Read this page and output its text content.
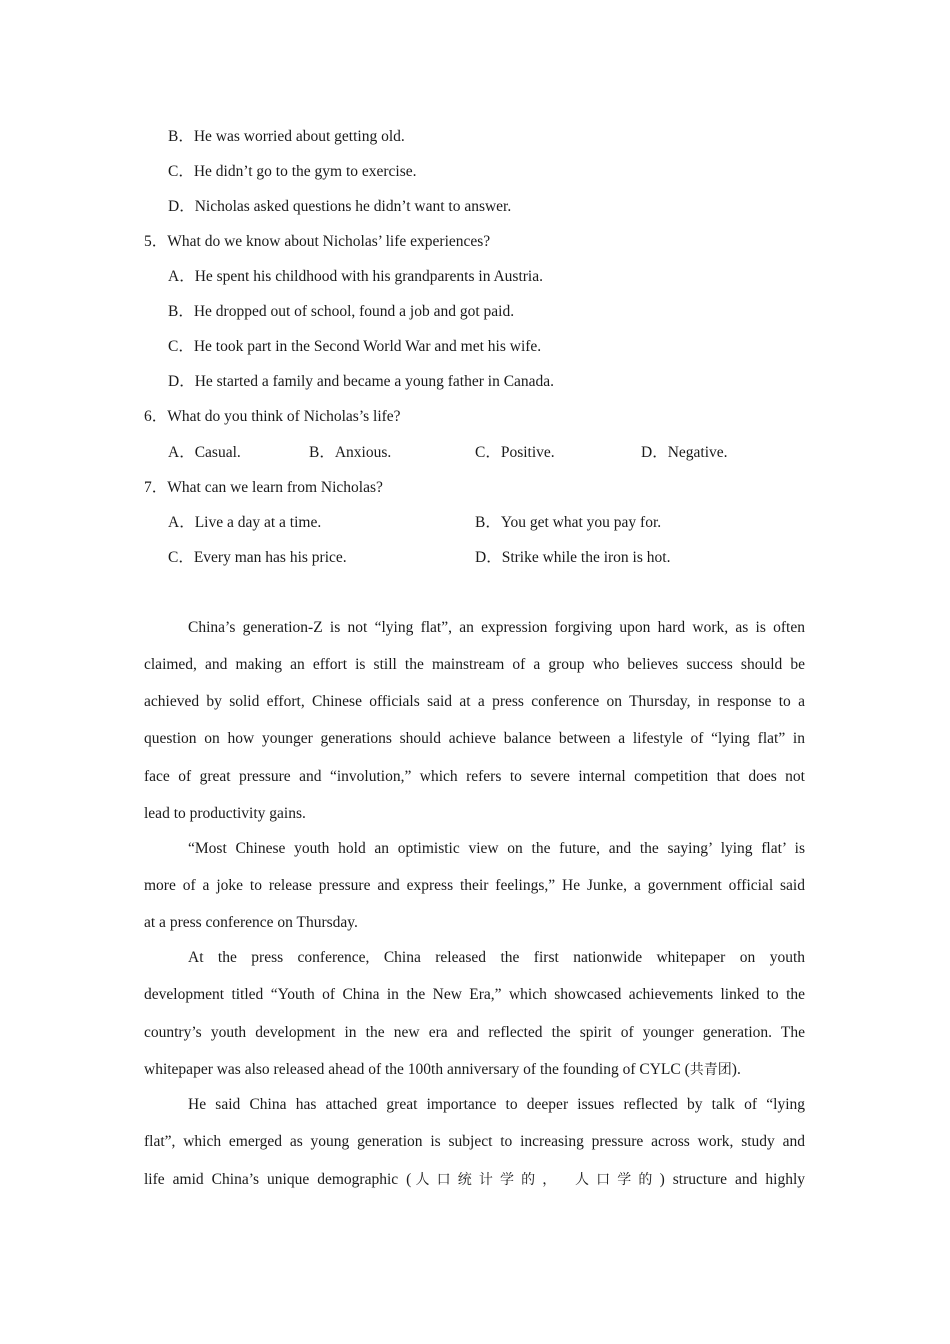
B．He was worried about getting old.
C．He didn’t go to the gym to exercise.
D．Nicholas asked questions he didn’t want to answer.
5．What do we know about Nicholas’ life experiences?
A．He spent his childhood with his grandparents in Austria.
B．He dropped out of school, found a job and got paid.
C．He took part in the Second World War and met his wife.
D．He started a family and became a young father in Canada.
6．What do you think of Nicholas’s life?
A．Casual.	B．Anxious.	C．Positive.	D．Negative.
7．What can we learn from Nicholas?
A．Live a day at a time.	B．You get what you pay for.
C．Every man has his price.	D．Strike while the iron is hot.
China’s generation-Z is not “lying flat”, an expression forgiving upon hard work, as is often
claimed, and making an effort is still the mainstream of a group who believes success should be
achieved by solid effort, Chinese officials said at a press conference on Thursday, in response to a
question on how younger generations should achieve balance between a lifestyle of “lying flat” in
face of great pressure and “involution,” which refers to severe internal competition that does not
lead to productivity gains.
“Most Chinese youth hold an optimistic view on the future, and the saying’ lying flat’ is
more of a joke to release pressure and express their feelings,” He Junke, a government official said
at a press conference on Thursday.
At the press conference, China released the first nationwide whitepaper on youth
development titled “Youth of China in the New Era,” which showcased achievements linked to the
country’s youth development in the new era and reflected the spirit of younger generation. The
whitepaper was also released ahead of the 100th anniversary of the founding of CYLC (共青团).
He said China has attached great importance to deeper issues reflected by talk of “lying
flat”, which emerged as young generation is subject to increasing pressure across work, study and
life amid China’s unique demographic (人口统计学的， 人口学的) structure and highly
